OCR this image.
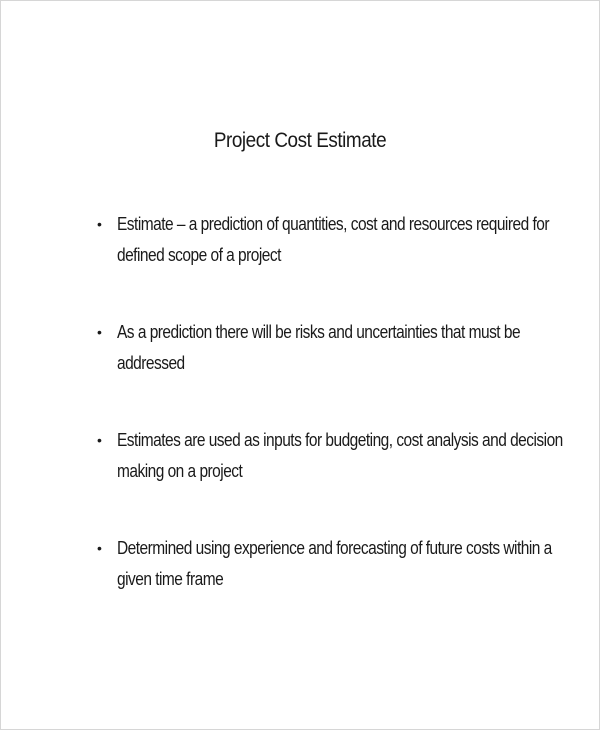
Project Cost Estimate
• Estimate – a prediction of quantities, cost and resources required for defined scope of a project
• As a prediction there will be risks and uncertainties that must be addressed
• Estimates are used as inputs for budgeting, cost analysis and decision making on a project
• Determined using experience and forecasting of future costs within a given time frame
